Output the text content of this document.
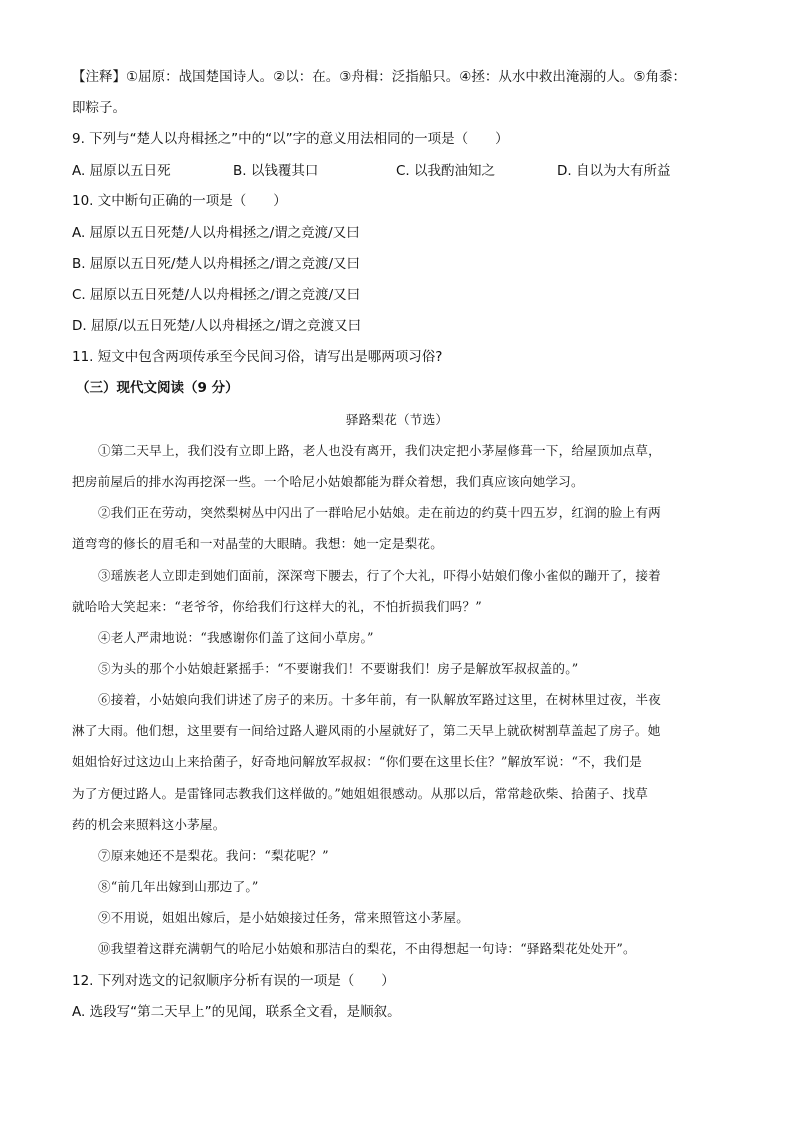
【注释】①屈原：战国楚国诗人。②以：在。③舟楫：泛指船只。④拯：从水中救出淹溺的人。⑤角黍：
即粽子。
9. 下列与“楚人以舟楫拯之”中的“以”字的意义用法相同的一项是（　　）
A. 屈原以五日死	B. 以钱覆其口	C. 以我酌油知之	D. 自以为大有所益
10. 文中断句正确的一项是（　　）
A. 屈原以五日死楚/人以舟楫拯之/谓之竞渡/又曰
B. 屈原以五日死/楚人以舟楫拯之/谓之竞渡/又曰
C. 屈原以五日死楚/人以舟楫拯之/谓之竞渡/又曰
D. 屈原/以五日死楚/人以舟楫拯之/谓之竞渡又曰
11. 短文中包含两项传承至今民间习俗，请写出是哪两项习俗?
（三）现代文阅读（9 分）
驿路梨花（节选）
①第二天早上，我们没有立即上路，老人也没有离开，我们决定把小茅屋修葺一下，给屋顶加点草，
把房前屋后的排水沟再挖深一些。一个哈尼小姑娘都能为群众着想，我们真应该向她学习。
②我们正在劳动，突然梨树丛中闪出了一群哈尼小姑娘。走在前边的约莫十四五岁，红润的脸上有两
道弯弯的修长的眉毛和一对晶莹的大眼睛。我想：她一定是梨花。
③瑶族老人立即走到她们面前，深深弯下腰去，行了个大礼，吓得小姑娘们像小雀似的蹦开了，接着
就哈哈大笑起来：“老爷爷，你给我们行这样大的礼，不怕折损我们吗？”
④老人严肃地说：“我感谢你们盖了这间小草房。”
⑤为头的那个小姑娘赶紧摇手：“不要谢我们！不要谢我们！房子是解放军叔叔盖的。”
⑥接着，小姑娘向我们讲述了房子的来历。十多年前，有一队解放军路过这里，在树林里过夜，半夜
淋了大雨。他们想，这里要有一间给过路人避风雨的小屋就好了，第二天早上就砍树割草盖起了房子。她
姐姐恰好过这边山上来拾菌子，好奇地问解放军叔叔：“你们要在这里长住？”解放军说：“不，我们是
为了方便过路人。是雷锋同志教我们这样做的。”她姐姐很感动。从那以后，常常趁砍柴、拾菌子、找草
药的机会来照料这小茅屋。
⑦原来她还不是梨花。我问：“梨花呢？”
⑧“前几年出嫁到山那边了。”
⑨不用说，姐姐出嫁后，是小姑娘接过任务，常来照管这小茅屋。
⑩我望着这群充满朝气的哈尼小姑娘和那洁白的梨花，不由得想起一句诗：“驿路梨花处处开”。
12. 下列对选文的记叙顺序分析有误的一项是（　　）
A. 选段写“第二天早上”的见闻，联系全文看，是顺叙。
